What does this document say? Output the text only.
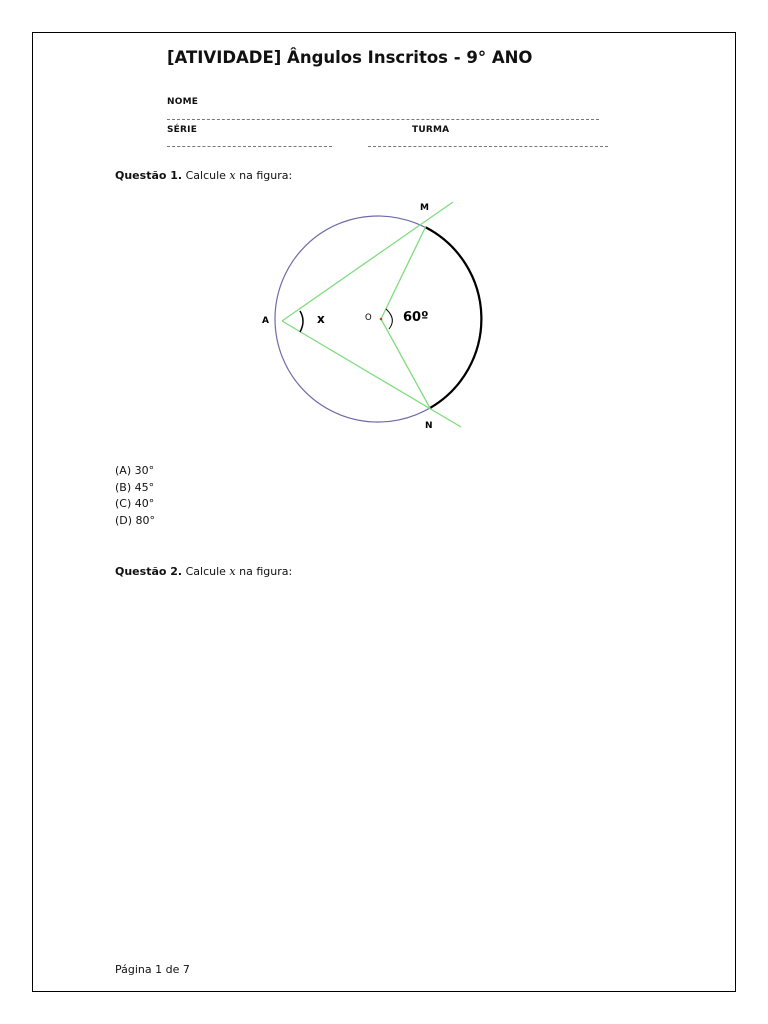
[ATIVIDADE] Ângulos Inscritos - 9° ANO
NOME
SÉRIE	TURMA
Questão 1. Calcule x na figura:
A
M
N
O
x	60º
(A) 30°
(B) 45°
(C) 40°
(D) 80°
Questão 2. Calcule x na figura:
Página 1 de 7
